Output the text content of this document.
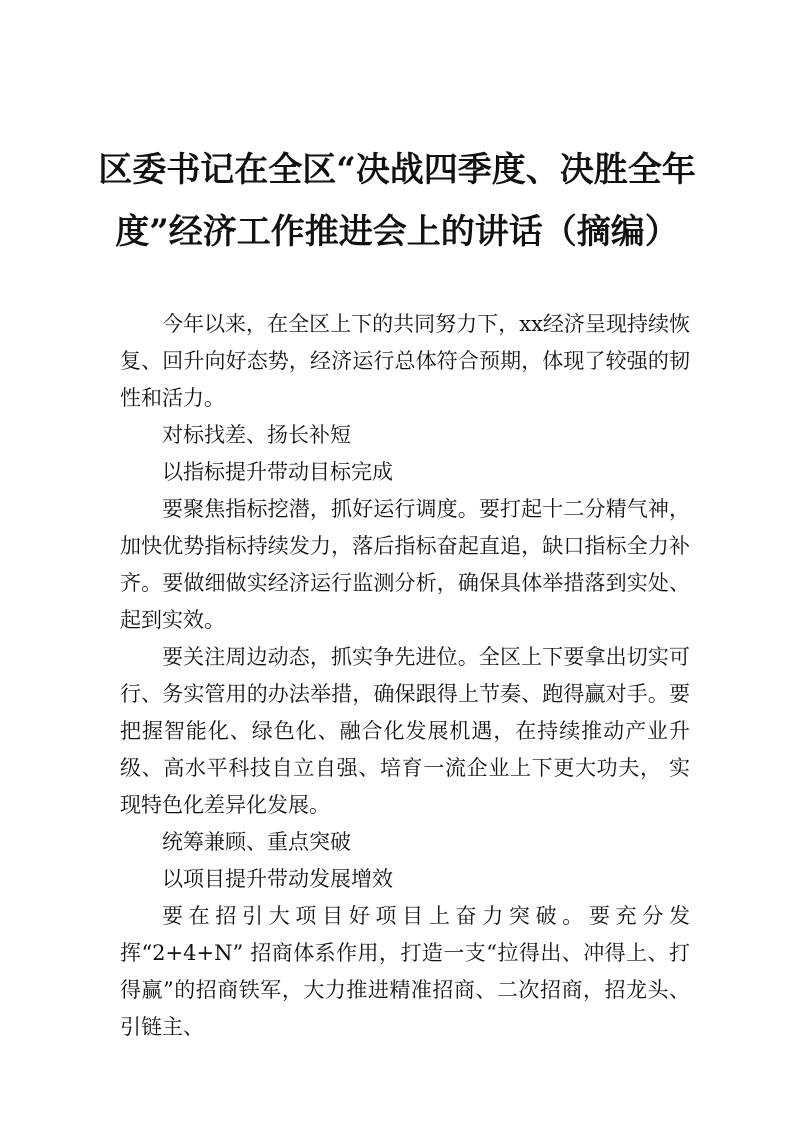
区委书记在全区“决战四季度、决胜全年
度”经济工作推进会上的讲话（摘编）

今年以来，在全区上下的共同努力下，xx经济呈现持续恢复、回升向好态势，经济运行总体符合预期，体现了较强的韧性和活力。

对标找差、扬长补短

以指标提升带动目标完成

要聚焦指标挖潜，抓好运行调度。要打起十二分精气神，加快优势指标持续发力，落后指标奋起直追，缺口指标全力补齐。要做细做实经济运行监测分析，确保具体举措落到实处、起到实效。

要关注周边动态，抓实争先进位。全区上下要拿出切实可行、务实管用的办法举措，确保跟得上节奏、跑得赢对手。要把握智能化、绿色化、融合化发展机遇，在持续推动产业升级、高水平科技自立自强、培育一流企业上下更大功夫， 实现特色化差异化发展。

统筹兼顾、重点突破

以项目提升带动发展增效

要在招引大项目好项目上奋力突破。要充分发挥“2+4+N” 招商体系作用，打造一支“拉得出、冲得上、打得赢”的招商铁军，大力推进精准招商、二次招商，招龙头、引链主、
